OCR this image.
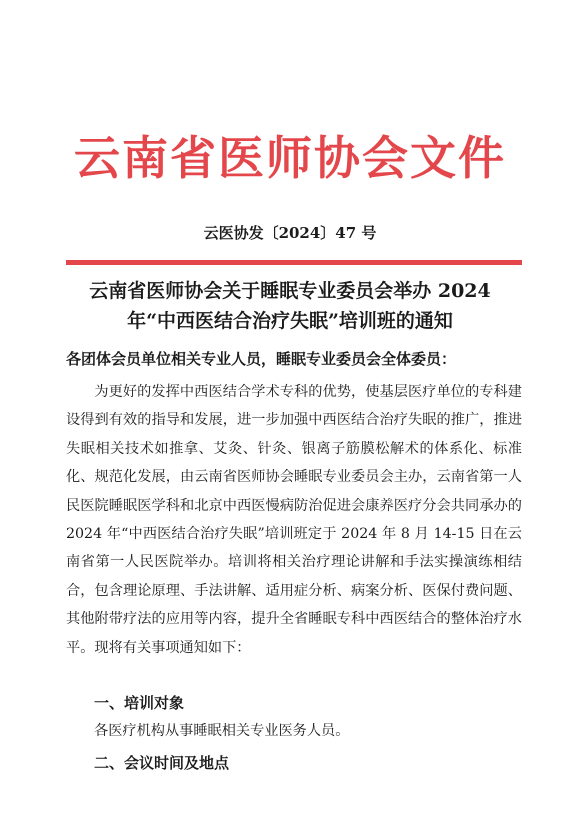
云南省医师协会文件
云医协发〔2024〕47 号
云南省医师协会关于睡眠专业委员会举办 2024
年“中西医结合治疗失眠”培训班的通知
各团体会员单位相关专业人员，睡眠专业委员会全体委员：
为更好的发挥中西医结合学术专科的优势，使基层医疗单位的专科建设得到有效的指导和发展，进一步加强中西医结合治疗失眠的推广，推进失眠相关技术如推拿、艾灸、针灸、银离子筋膜松解术的体系化、标准化、规范化发展，由云南省医师协会睡眠专业委员会主办，云南省第一人民医院睡眠医学科和北京中西医慢病防治促进会康养医疗分会共同承办的 2024 年“中西医结合治疗失眠”培训班定于 2024 年 8 月 14-15 日在云南省第一人民医院举办。培训将相关治疗理论讲解和手法实操演练相结合，包含理论原理、手法讲解、适用症分析、病案分析、医保付费问题、其他附带疗法的应用等内容，提升全省睡眠专科中西医结合的整体治疗水平。现将有关事项通知如下：
一、培训对象
各医疗机构从事睡眠相关专业医务人员。
二、会议时间及地点
